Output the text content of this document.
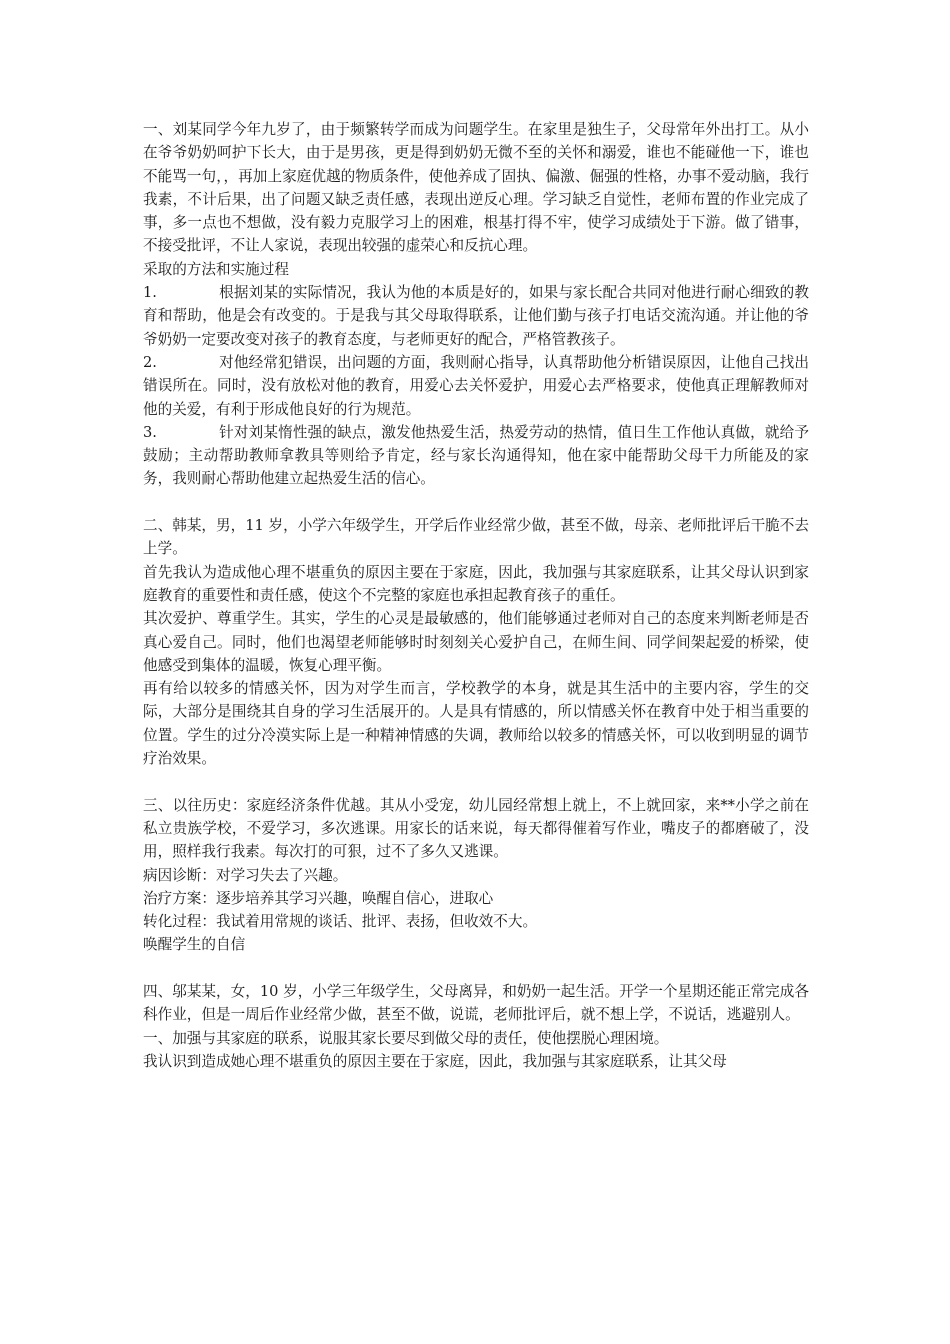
一、刘某同学今年九岁了，由于频繁转学而成为问题学生。在家里是独生子，父母常年外出打工。从小在爷爷奶奶呵护下长大，由于是男孩，更是得到奶奶无微不至的关怀和溺爱，谁也不能碰他一下，谁也不能骂一句，，再加上家庭优越的物质条件，使他养成了固执、偏激、倔强的性格，办事不爱动脑，我行我素，不计后果，出了问题又缺乏责任感，表现出逆反心理。学习缺乏自觉性，老师布置的作业完成了事，多一点也不想做，没有毅力克服学习上的困难，根基打得不牢，使学习成绩处于下游。做了错事，不接受批评，不让人家说，表现出较强的虚荣心和反抗心理。

采取的方法和实施过程

1.	根据刘某的实际情况，我认为他的本质是好的，如果与家长配合共同对他进行耐心细致的教育和帮助，他是会有改变的。于是我与其父母取得联系，让他们勤与孩子打电话交流沟通。并让他的爷爷奶奶一定要改变对孩子的教育态度，与老师更好的配合，严格管教孩子。

2.	对他经常犯错误，出问题的方面，我则耐心指导，认真帮助他分析错误原因，让他自己找出错误所在。同时，没有放松对他的教育，用爱心去关怀爱护，用爱心去严格要求，使他真正理解教师对他的关爱，有利于形成他良好的行为规范。

3.	针对刘某惰性强的缺点，激发他热爱生活，热爱劳动的热情，值日生工作他认真做，就给予鼓励；主动帮助教师拿教具等则给予肯定，经与家长沟通得知，他在家中能帮助父母干力所能及的家务，我则耐心帮助他建立起热爱生活的信心。

二、韩某，男，11 岁，小学六年级学生，开学后作业经常少做，甚至不做，母亲、老师批评后干脆不去上学。

首先我认为造成他心理不堪重负的原因主要在于家庭，因此，我加强与其家庭联系，让其父母认识到家庭教育的重要性和责任感，使这个不完整的家庭也承担起教育孩子的重任。

其次爱护、尊重学生。其实，学生的心灵是最敏感的，他们能够通过老师对自己的态度来判断老师是否真心爱自己。同时，他们也渴望老师能够时时刻刻关心爱护自己，在师生间、同学间架起爱的桥梁，使他感受到集体的温暖，恢复心理平衡。

再有给以较多的情感关怀，因为对学生而言，学校教学的本身，就是其生活中的主要内容，学生的交际，大部分是围绕其自身的学习生活展开的。人是具有情感的，所以情感关怀在教育中处于相当重要的位置。学生的过分冷漠实际上是一种精神情感的失调，教师给以较多的情感关怀，可以收到明显的调节疗治效果。

三、以往历史：家庭经济条件优越。其从小受宠，幼儿园经常想上就上，不上就回家，来**小学之前在私立贵族学校，不爱学习，多次逃课。用家长的话来说，每天都得催着写作业，嘴皮子的都磨破了，没用，照样我行我素。每次打的可狠，过不了多久又逃课。

病因诊断：对学习失去了兴趣。

治疗方案：逐步培养其学习兴趣，唤醒自信心，进取心

转化过程：我试着用常规的谈话、批评、表扬，但收效不大。

唤醒学生的自信

四、邬某某，女，10 岁，小学三年级学生，父母离异，和奶奶一起生活。开学一个星期还能正常完成各科作业，但是一周后作业经常少做，甚至不做，说谎，老师批评后，就不想上学，不说话，逃避别人。

一、加强与其家庭的联系，说服其家长要尽到做父母的责任，使他摆脱心理困境。

我认识到造成她心理不堪重负的原因主要在于家庭，因此，我加强与其家庭联系，让其父母
